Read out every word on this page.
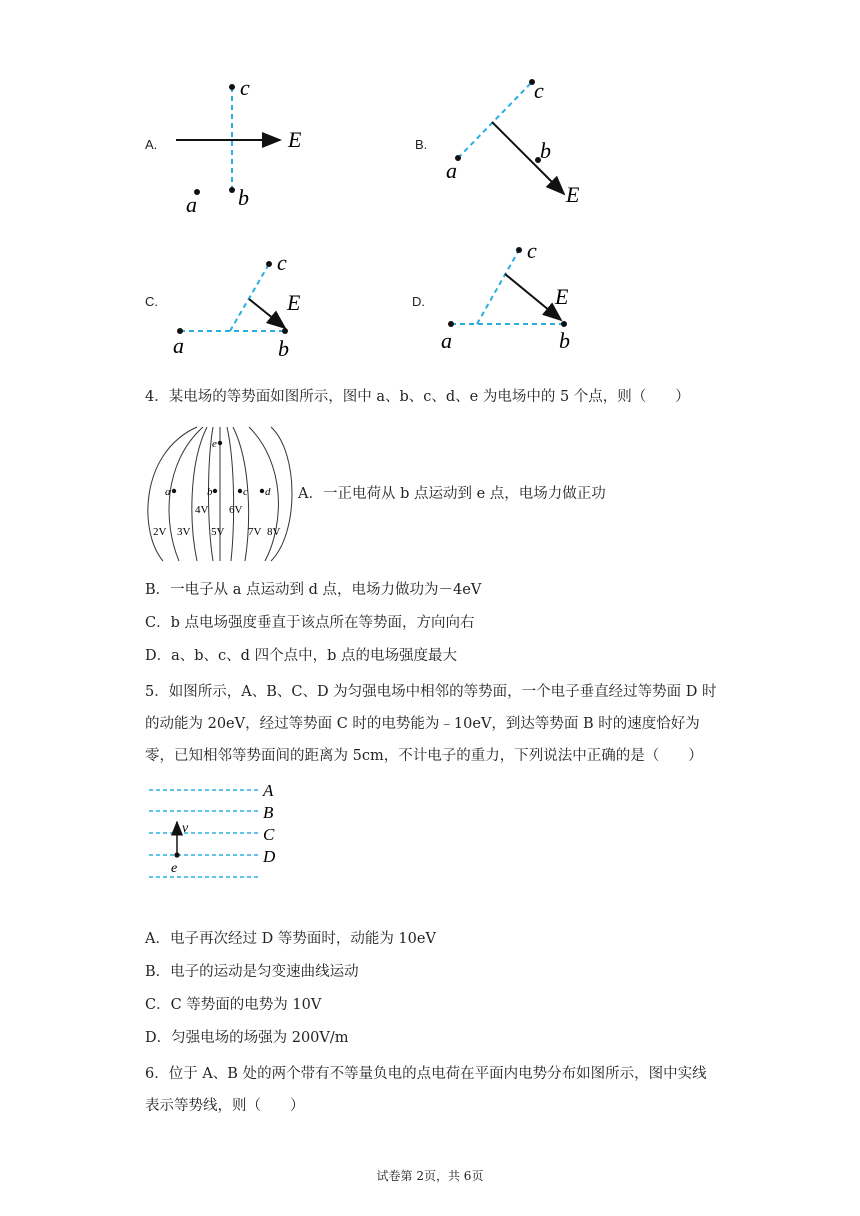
A.
c
b
a
E	B.
c
b
a
E
C.
c
E
a	b
D.
c
E
a	b
4．某电场的等势面如图所示，图中 a、b、c、d、e 为电场中的 5 个点，则（　　）
a	b	c d
e
2V 3V
4V
5V
6V
7V 8V
A．一正电荷从 b 点运动到 e 点，电场力做正功
B．一电子从 a 点运动到 d 点，电场力做功为－4eV
C．b 点电场强度垂直于该点所在等势面，方向向右
D．a、b、c、d 四个点中，b 点的电场强度最大
5．如图所示，A、B、C、D 为匀强电场中相邻的等势面，一个电子垂直经过等势面 D 时的动能为 20eV，经过等势面 C 时的电势能为﹣10eV，到达等势面 B 时的速度恰好为零，已知相邻等势面间的距离为 5cm，不计电子的重力，下列说法中正确的是（　　）
A
B
C
D
v
e
A．电子再次经过 D 等势面时，动能为 10eV
B．电子的运动是匀变速曲线运动
C．C 等势面的电势为 10V
D．匀强电场的场强为 200V/m
6．位于 A、B 处的两个带有不等量负电的点电荷在平面内电势分布如图所示，图中实线表示等势线，则（　　）
试卷第 2页，共 6页
